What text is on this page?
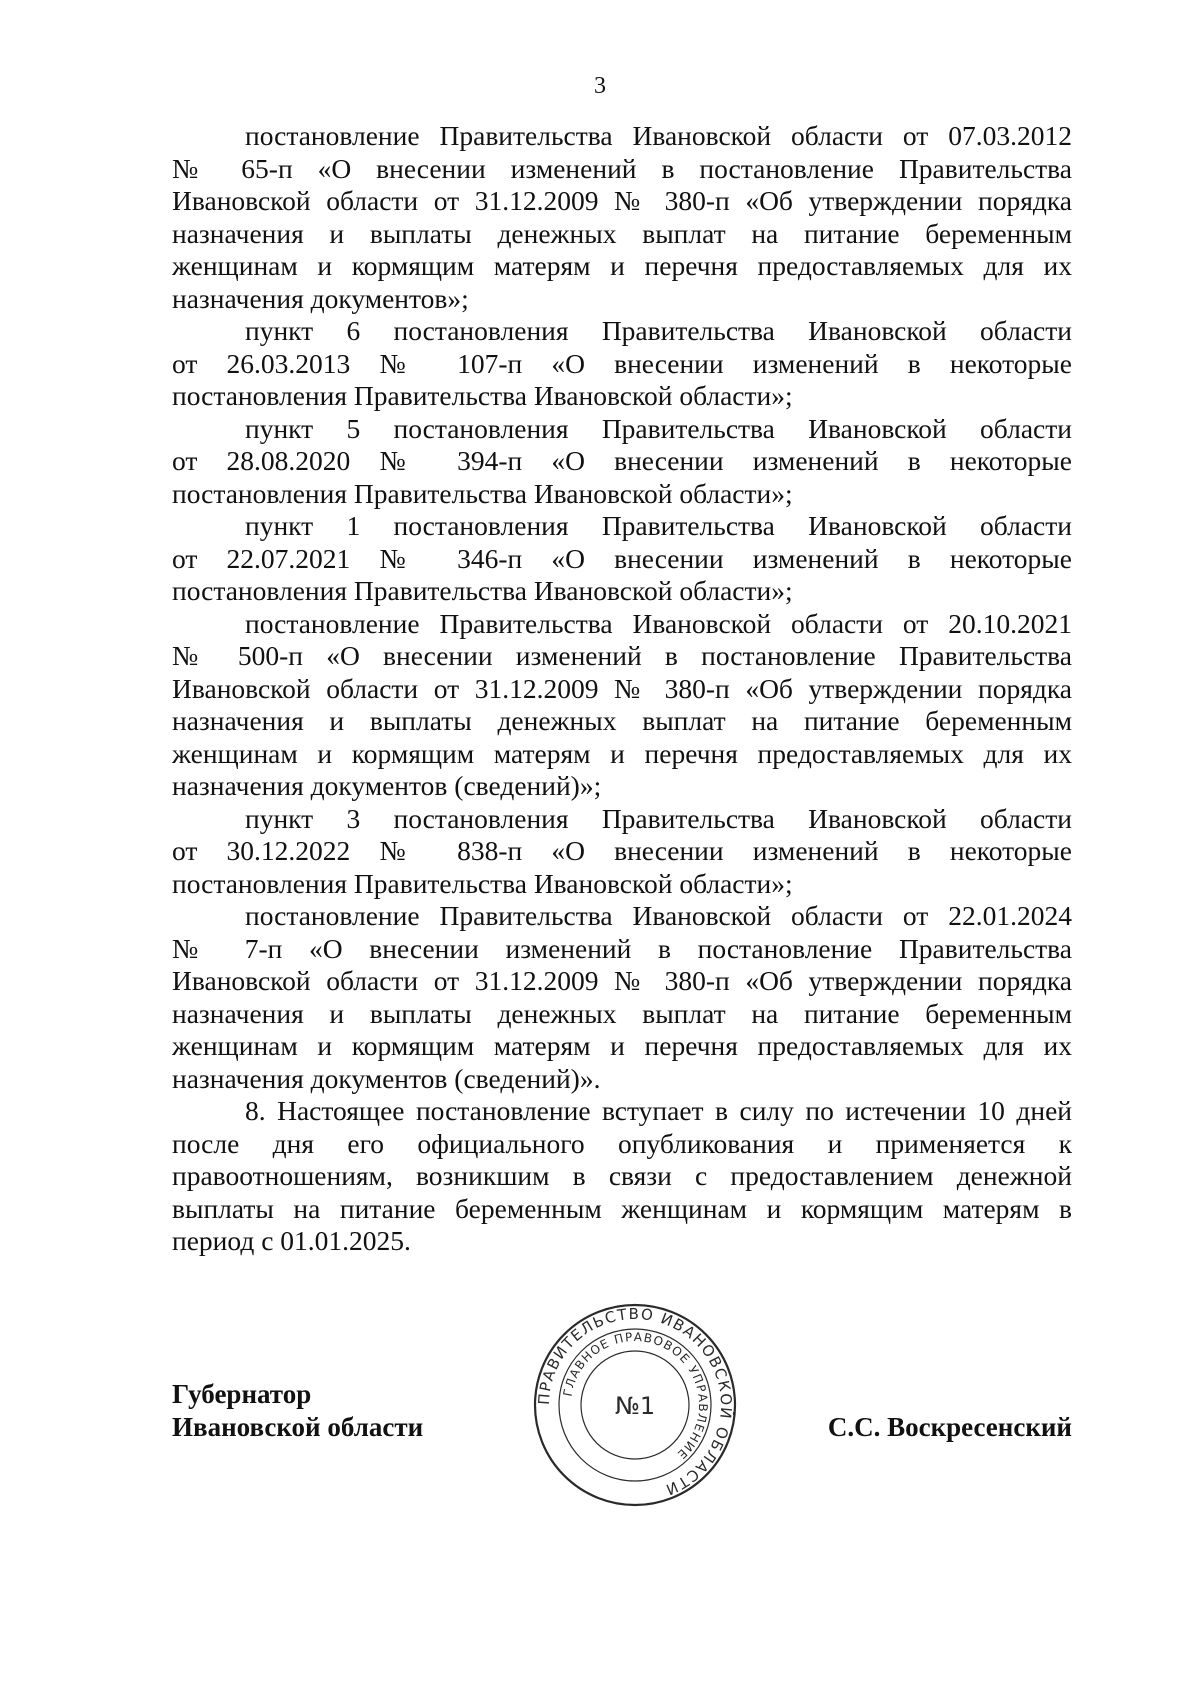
3
постановление Правительства Ивановской области от 07.03.2012
№ 65-п «О внесении изменений в постановление Правительства
Ивановской области от 31.12.2009 № 380-п «Об утверждении порядка
назначения и выплаты денежных выплат на питание беременным
женщинам и кормящим матерям и перечня предоставляемых для их
назначения документов»;
пункт 6 постановления Правительства Ивановской области
от 26.03.2013 № 107-п «О внесении изменений в некоторые
постановления Правительства Ивановской области»;
пункт 5 постановления Правительства Ивановской области
от 28.08.2020 № 394-п «О внесении изменений в некоторые
постановления Правительства Ивановской области»;
пункт 1 постановления Правительства Ивановской области
от 22.07.2021 № 346-п «О внесении изменений в некоторые
постановления Правительства Ивановской области»;
постановление Правительства Ивановской области от 20.10.2021
№ 500-п «О внесении изменений в постановление Правительства
Ивановской области от 31.12.2009 № 380-п «Об утверждении порядка
назначения и выплаты денежных выплат на питание беременным
женщинам и кормящим матерям и перечня предоставляемых для их
назначения документов (сведений)»;
пункт 3 постановления Правительства Ивановской области
от 30.12.2022 № 838-п «О внесении изменений в некоторые
постановления Правительства Ивановской области»;
постановление Правительства Ивановской области от 22.01.2024
№ 7-п «О внесении изменений в постановление Правительства
Ивановской области от 31.12.2009 № 380-п «Об утверждении порядка
назначения и выплаты денежных выплат на питание беременным
женщинам и кормящим матерям и перечня предоставляемых для их
назначения документов (сведений)».
8. Настоящее постановление вступает в силу по истечении 10 дней
после дня его официального опубликования и применяется к
правоотношениям, возникшим в связи с предоставлением денежной
выплаты на питание беременным женщинам и кормящим матерям в
период с 01.01.2025.
Губернатор
Ивановской области
ПРАВИТЕЛЬСТВО ИВАНОВСКОЙ ОБЛАСТИ
ГЛАВНОЕ ПРАВОВОЕ УПРАВЛЕНИЕ
№1
С.С. Воскресенский
